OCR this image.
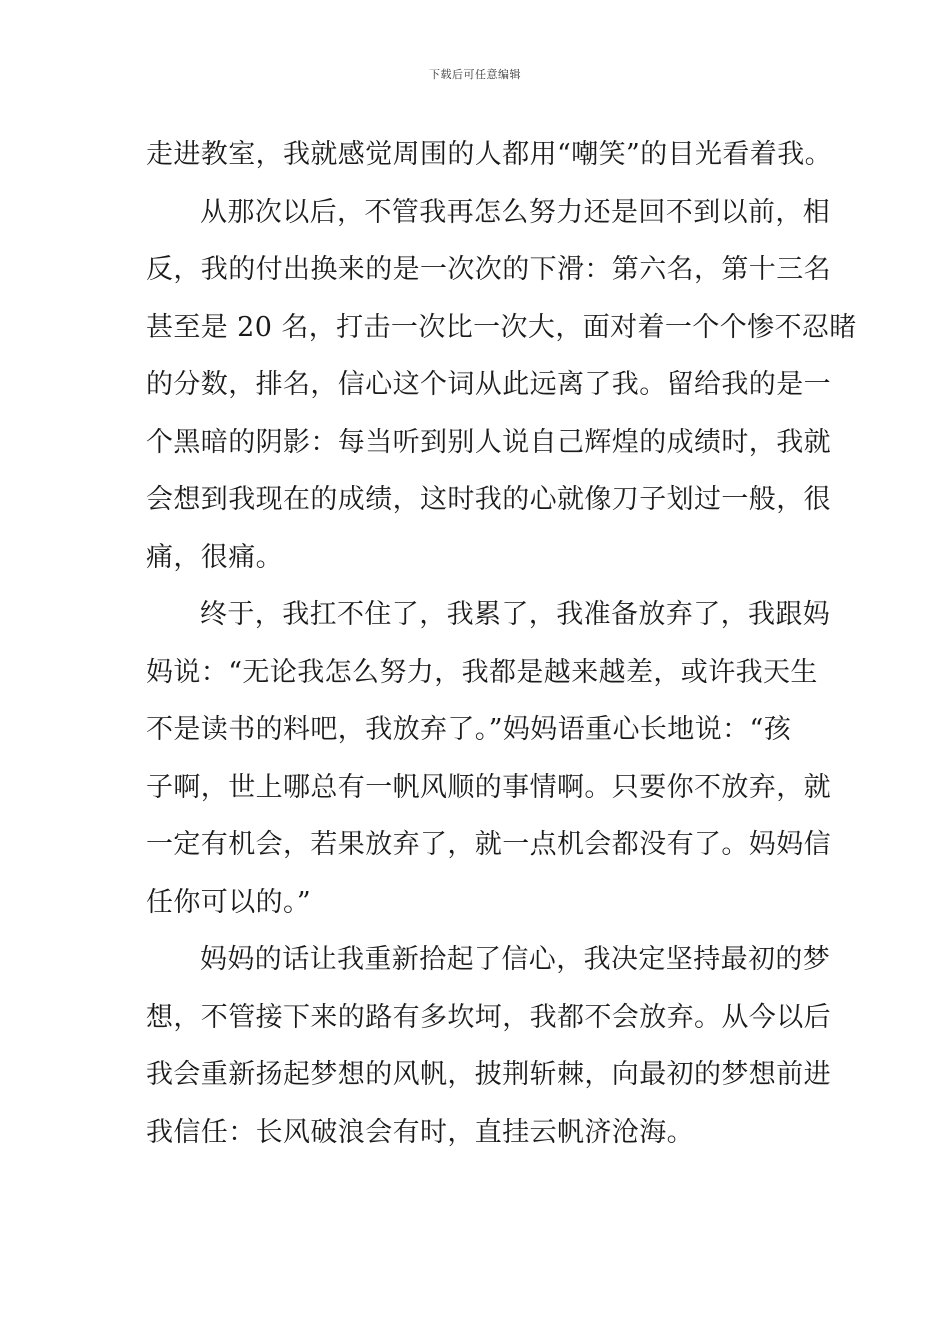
下载后可任意编辑
走进教室，我就感觉周围的人都用“嘲笑”的目光看着我。
从那次以后，不管我再怎么努力还是回不到以前，相
反，我的付出换来的是一次次的下滑：第六名，第十三名
甚至是 20 名，打击一次比一次大，面对着一个个惨不忍睹
的分数，排名，信心这个词从此远离了我。留给我的是一
个黑暗的阴影：每当听到别人说自己辉煌的成绩时，我就
会想到我现在的成绩，这时我的心就像刀子划过一般，很
痛，很痛。
终于，我扛不住了，我累了，我准备放弃了，我跟妈
妈说：“无论我怎么努力，我都是越来越差，或许我天生
不是读书的料吧，我放弃了。”妈妈语重心长地说：“孩
子啊，世上哪总有一帆风顺的事情啊。只要你不放弃，就
一定有机会，若果放弃了，就一点机会都没有了。妈妈信
任你可以的。”
妈妈的话让我重新拾起了信心，我决定坚持最初的梦
想，不管接下来的路有多坎坷，我都不会放弃。从今以后
我会重新扬起梦想的风帆，披荆斩棘，向最初的梦想前进
我信任：长风破浪会有时，直挂云帆济沧海。
